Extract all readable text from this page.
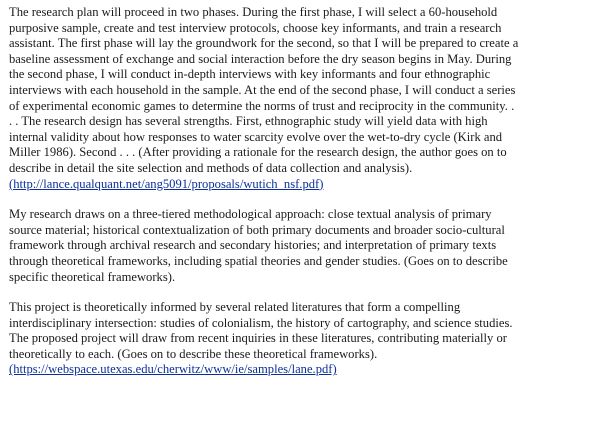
The research plan will proceed in two phases. During the first phase, I will select a 60-household
purposive sample, create and test interview protocols, choose key informants, and train a research
assistant. The first phase will lay the groundwork for the second, so that I will be prepared to create a
baseline assessment of exchange and social interaction before the dry season begins in May. During
the second phase, I will conduct in-depth interviews with key informants and four ethnographic
interviews with each household in the sample. At the end of the second phase, I will conduct a series
of experimental economic games to determine the norms of trust and reciprocity in the community. .
. . The research design has several strengths. First, ethnographic study will yield data with high
internal validity about how responses to water scarcity evolve over the wet-to-dry cycle (Kirk and
Miller 1986). Second . . . (After providing a rationale for the research design, the author goes on to
describe in detail the site selection and methods of data collection and analysis).
(http://lance.qualquant.net/ang5091/proposals/wutich_nsf.pdf)
My research draws on a three-tiered methodological approach: close textual analysis of primary
source material; historical contextualization of both primary documents and broader socio-cultural
framework through archival research and secondary histories; and interpretation of primary texts
through theoretical frameworks, including spatial theories and gender studies. (Goes on to describe
specific theoretical frameworks).
This project is theoretically informed by several related literatures that form a compelling
interdisciplinary intersection: studies of colonialism, the history of cartography, and science studies.
The proposed project will draw from recent inquiries in these literatures, contributing materially or
theoretically to each. (Goes on to describe these theoretical frameworks).
(https://webspace.utexas.edu/cherwitz/www/ie/samples/lane.pdf)
